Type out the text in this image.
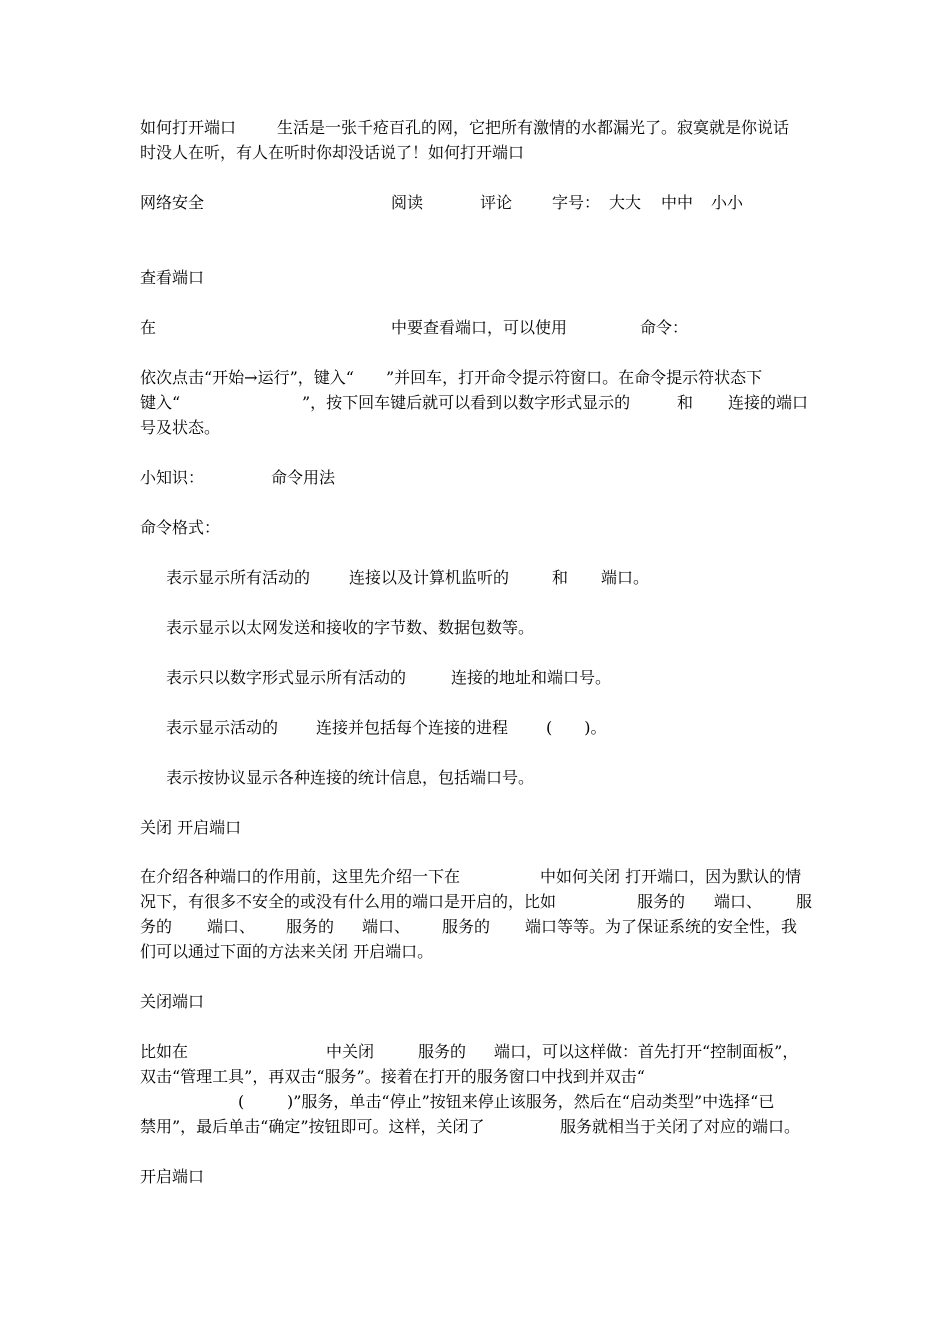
如何打开端口	生活是一张千疮百孔的网，它把所有激情的水都漏光了。寂寞就是你说话
时没人在听，有人在听时你却没话说了！如何打开端口
网络安全	阅读	评论 字号： 大大 中中 小小
查看端口
在	中要查看端口，可以使用	命令：
依次点击“开始→运行”，键入“　　”并回车，打开命令提示符窗口。在命令提示符状态下
键入“	”，按下回车键后就可以看到以数字形式显示的	和 连接的端口
号及状态。
小知识：	命令用法
命令格式：
表示显示所有活动的 连接以及计算机监听的	和 端口。
表示显示以太网发送和接收的字节数、数据包数等。
表示只以数字形式显示所有活动的	连接的地址和端口号。
表示显示活动的 连接并包括每个连接的进程 (　　)。
表示按协议显示各种连接的统计信息，包括端口号。
关闭 开启端口
在介绍各种端口的作用前，这里先介绍一下在	中如何关闭 打开端口，因为默认的情
况下，有很多不安全的或没有什么用的端口是开启的，比如	服务的 端口、 服
务的 端口、 服务的 端口、 服务的 端口等等。为了保证系统的安全性，我
们可以通过下面的方法来关闭 开启端口。
关闭端口
比如在	中关闭	服务的 端口，可以这样做：首先打开“控制面板”，
双击“管理工具”，再双击“服务”。接着在打开的服务窗口中找到并双击“
(	)”服务，单击“停止”按钮来停止该服务，然后在“启动类型”中选择“已
禁用”，最后单击“确定”按钮即可。这样，关闭了	服务就相当于关闭了对应的端口。
开启端口
